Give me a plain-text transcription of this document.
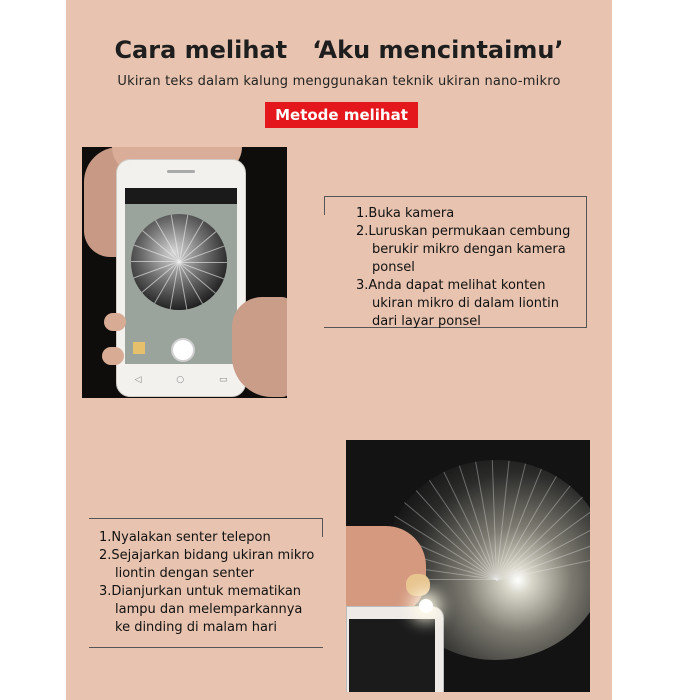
Cara melihat   ‘Aku mencintaimu’
Ukiran teks dalam kalung menggunakan teknik ukiran nano-mikro
Metode melihat
◁	○	▭
1.Buka kamera
2.Luruskan permukaan cembung berukir mikro dengan kamera ponsel
3.Anda dapat melihat konten ukiran mikro di dalam liontin dari layar ponsel
1.Nyalakan senter telepon
2.Sejajarkan bidang ukiran mikro liontin dengan senter
3.Dianjurkan untuk mematikan lampu dan melemparkannya ke dinding di malam hari
